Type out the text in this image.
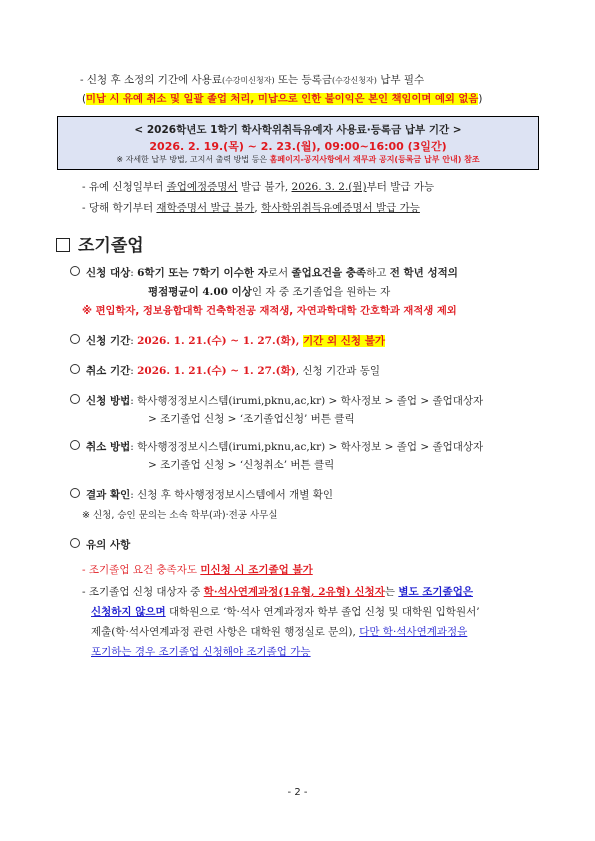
- 신청 후 소정의 기간에 사용료(수강미신청자) 또는 등록금(수강신청자) 납부 필수
(미납 시 유예 취소 및 일괄 졸업 처리, 미납으로 인한 불이익은 본인 책임이며 예외 없음)
< 2026학년도 1학기 학사학위취득유예자 사용료·등록금 납부 기간 >
2026. 2. 19.(목) ~ 2. 23.(월), 09:00~16:00 (3일간)
※ 자세한 납부 방법, 고지서 출력 방법 등은 홈페이지-공지사항에서 재무과 공지(등록금 납부 안내) 참조
- 유예 신청일부터 졸업예정증명서 발급 불가, 2026. 3. 2.(월)부터 발급 가능
- 당해 학기부터 재학증명서 발급 불가, 학사학위취득유예증명서 발급 가능
조기졸업
신청 대상: 6학기 또는 7학기 이수한 자로서 졸업요건을 충족하고 전 학년 성적의
평점평균이 4.00 이상인 자 중 조기졸업을 원하는 자
※ 편입학자, 정보융합대학 건축학전공 재적생, 자연과학대학 간호학과 재적생 제외
신청 기간: 2026. 1. 21.(수) ~ 1. 27.(화), 기간 외 신청 불가
취소 기간: 2026. 1. 21.(수) ~ 1. 27.(화), 신청 기간과 동일
신청 방법: 학사행정정보시스템(irumi,pknu,ac,kr) > 학사정보 > 졸업 > 졸업대상자
> 조기졸업 신청 > ‘조기졸업신청’ 버튼 클릭
취소 방법: 학사행정정보시스템(irumi,pknu,ac,kr) > 학사정보 > 졸업 > 졸업대상자
> 조기졸업 신청 > ‘신청취소’ 버튼 클릭
결과 확인: 신청 후 학사행정정보시스템에서 개별 확인
※ 신청, 승인 문의는 소속 학부(과)·전공 사무실
유의 사항
- 조기졸업 요건 충족자도 미신청 시 조기졸업 불가
- 조기졸업 신청 대상자 중 학·석사연계과정(1유형, 2유형) 신청자는 별도 조기졸업은
신청하지 않으며 대학원으로 ‘학·석사 연계과정자 학부 졸업 신청 및 대학원 입학원서’
제출(학·석사연계과정 관련 사항은 대학원 행정실로 문의), 다만 학·석사연계과정을
포기하는 경우 조기졸업 신청해야 조기졸업 가능
- 2 -
